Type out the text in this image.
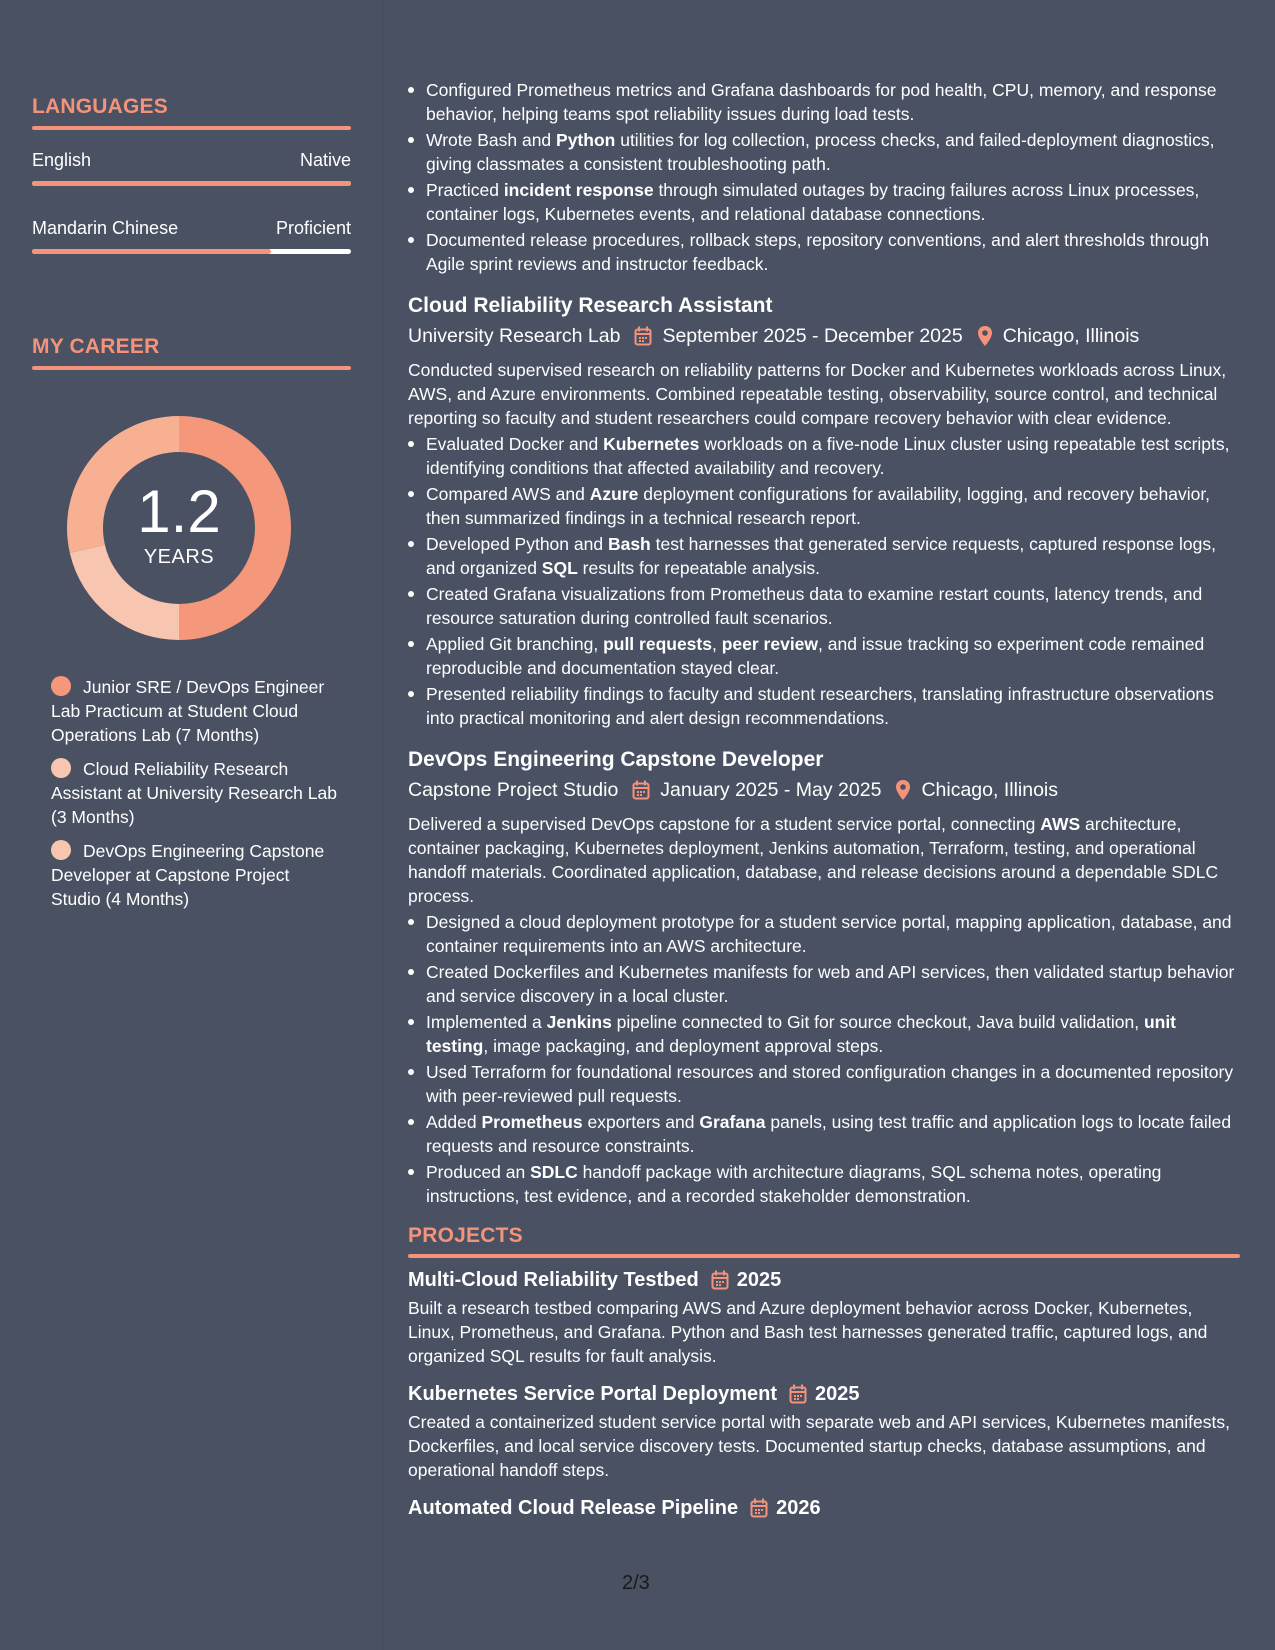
LANGUAGES
English	Native
Mandarin Chinese	Proficient
MY CAREER
1.2
YEARS
Junior SRE / DevOps Engineer Lab Practicum at Student Cloud Operations Lab (7 Months)
Cloud Reliability Research Assistant at University Research Lab (3 Months)
DevOps Engineering Capstone Developer at Capstone Project Studio (4 Months)
Configured Prometheus metrics and Grafana dashboards for pod health, CPU, memory, and response behavior, helping teams spot reliability issues during load tests.
Wrote Bash and Python utilities for log collection, process checks, and failed-deployment diagnostics, giving classmates a consistent troubleshooting path.
Practiced incident response through simulated outages by tracing failures across Linux processes, container logs, Kubernetes events, and relational database connections.
Documented release procedures, rollback steps, repository conventions, and alert thresholds through Agile sprint reviews and instructor feedback.
Cloud Reliability Research Assistant
University Research Lab September 2025 - December 2025 Chicago, Illinois

Conducted supervised research on reliability patterns for Docker and Kubernetes workloads across Linux, AWS, and Azure environments. Combined repeatable testing, observability, source control, and technical reporting so faculty and student researchers could compare recovery behavior with clear evidence.

Evaluated Docker and Kubernetes workloads on a five-node Linux cluster using repeatable test scripts, identifying conditions that affected availability and recovery.
Compared AWS and Azure deployment configurations for availability, logging, and recovery behavior, then summarized findings in a technical research report.
Developed Python and Bash test harnesses that generated service requests, captured response logs, and organized SQL results for repeatable analysis.
Created Grafana visualizations from Prometheus data to examine restart counts, latency trends, and resource saturation during controlled fault scenarios.
Applied Git branching, pull requests, peer review, and issue tracking so experiment code remained reproducible and documentation stayed clear.
Presented reliability findings to faculty and student researchers, translating infrastructure observations into practical monitoring and alert design recommendations.
DevOps Engineering Capstone Developer
Capstone Project Studio January 2025 - May 2025 Chicago, Illinois

Delivered a supervised DevOps capstone for a student service portal, connecting AWS architecture, container packaging, Kubernetes deployment, Jenkins automation, Terraform, testing, and operational handoff materials. Coordinated application, database, and release decisions around a dependable SDLC process.

Designed a cloud deployment prototype for a student service portal, mapping application, database, and container requirements into an AWS architecture.
Created Dockerfiles and Kubernetes manifests for web and API services, then validated startup behavior and service discovery in a local cluster.
Implemented a Jenkins pipeline connected to Git for source checkout, Java build validation, unit testing, image packaging, and deployment approval steps.
Used Terraform for foundational resources and stored configuration changes in a documented repository with peer-reviewed pull requests.
Added Prometheus exporters and Grafana panels, using test traffic and application logs to locate failed requests and resource constraints.
Produced an SDLC handoff package with architecture diagrams, SQL schema notes, operating instructions, test evidence, and a recorded stakeholder demonstration.
PROJECTS
Multi-Cloud Reliability Testbed 2025

Built a research testbed comparing AWS and Azure deployment behavior across Docker, Kubernetes, Linux, Prometheus, and Grafana. Python and Bash test harnesses generated traffic, captured logs, and organized SQL results for fault analysis.

Kubernetes Service Portal Deployment 2025

Created a containerized student service portal with separate web and API services, Kubernetes manifests, Dockerfiles, and local service discovery tests. Documented startup checks, database assumptions, and operational handoff steps.

Automated Cloud Release Pipeline 2026
2/3
